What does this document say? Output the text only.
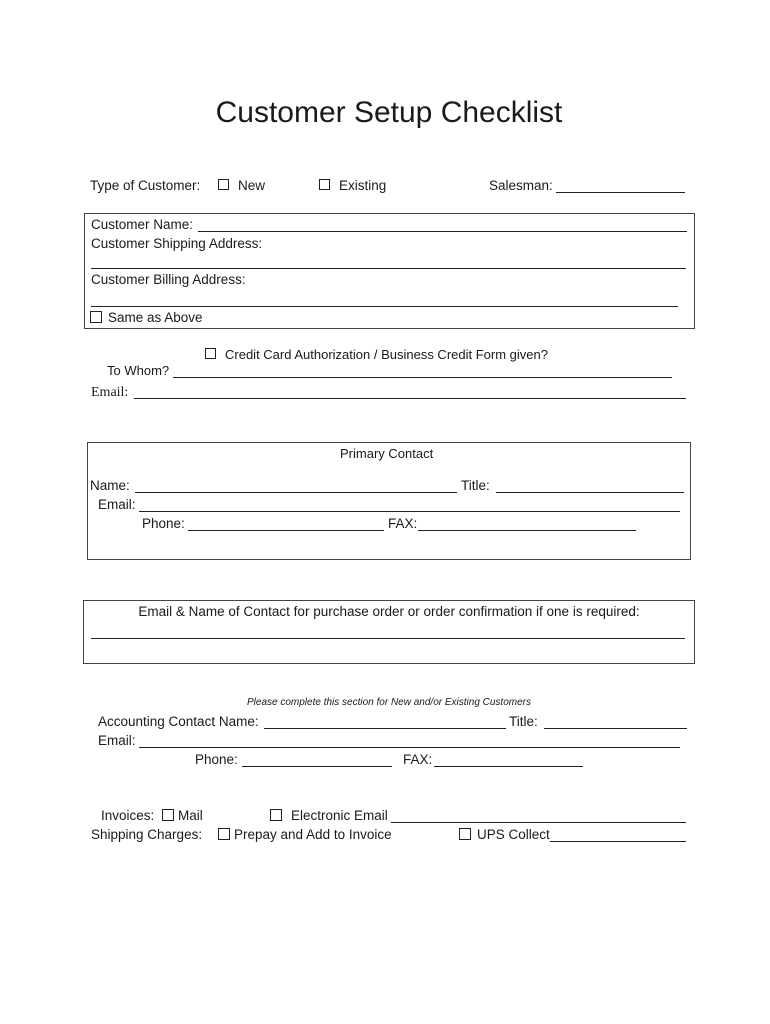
Customer Setup Checklist
Type of Customer:	New	Existing	Salesman:
Customer Name:
Customer Shipping Address:
Customer Billing Address:
Same as Above
Credit Card Authorization / Business Credit Form given?
To Whom?
Email:
Primary Contact
Name:	Title:
Email:
Phone:	FAX:
Email & Name of Contact for purchase order or order confirmation if one is required:
Please complete this section for New and/or Existing Customers
Accounting Contact Name:	Title:
Email:
Phone:	FAX:
Invoices: Mail	Electronic Email
Shipping Charges: Prepay and Add to Invoice	UPS Collect
